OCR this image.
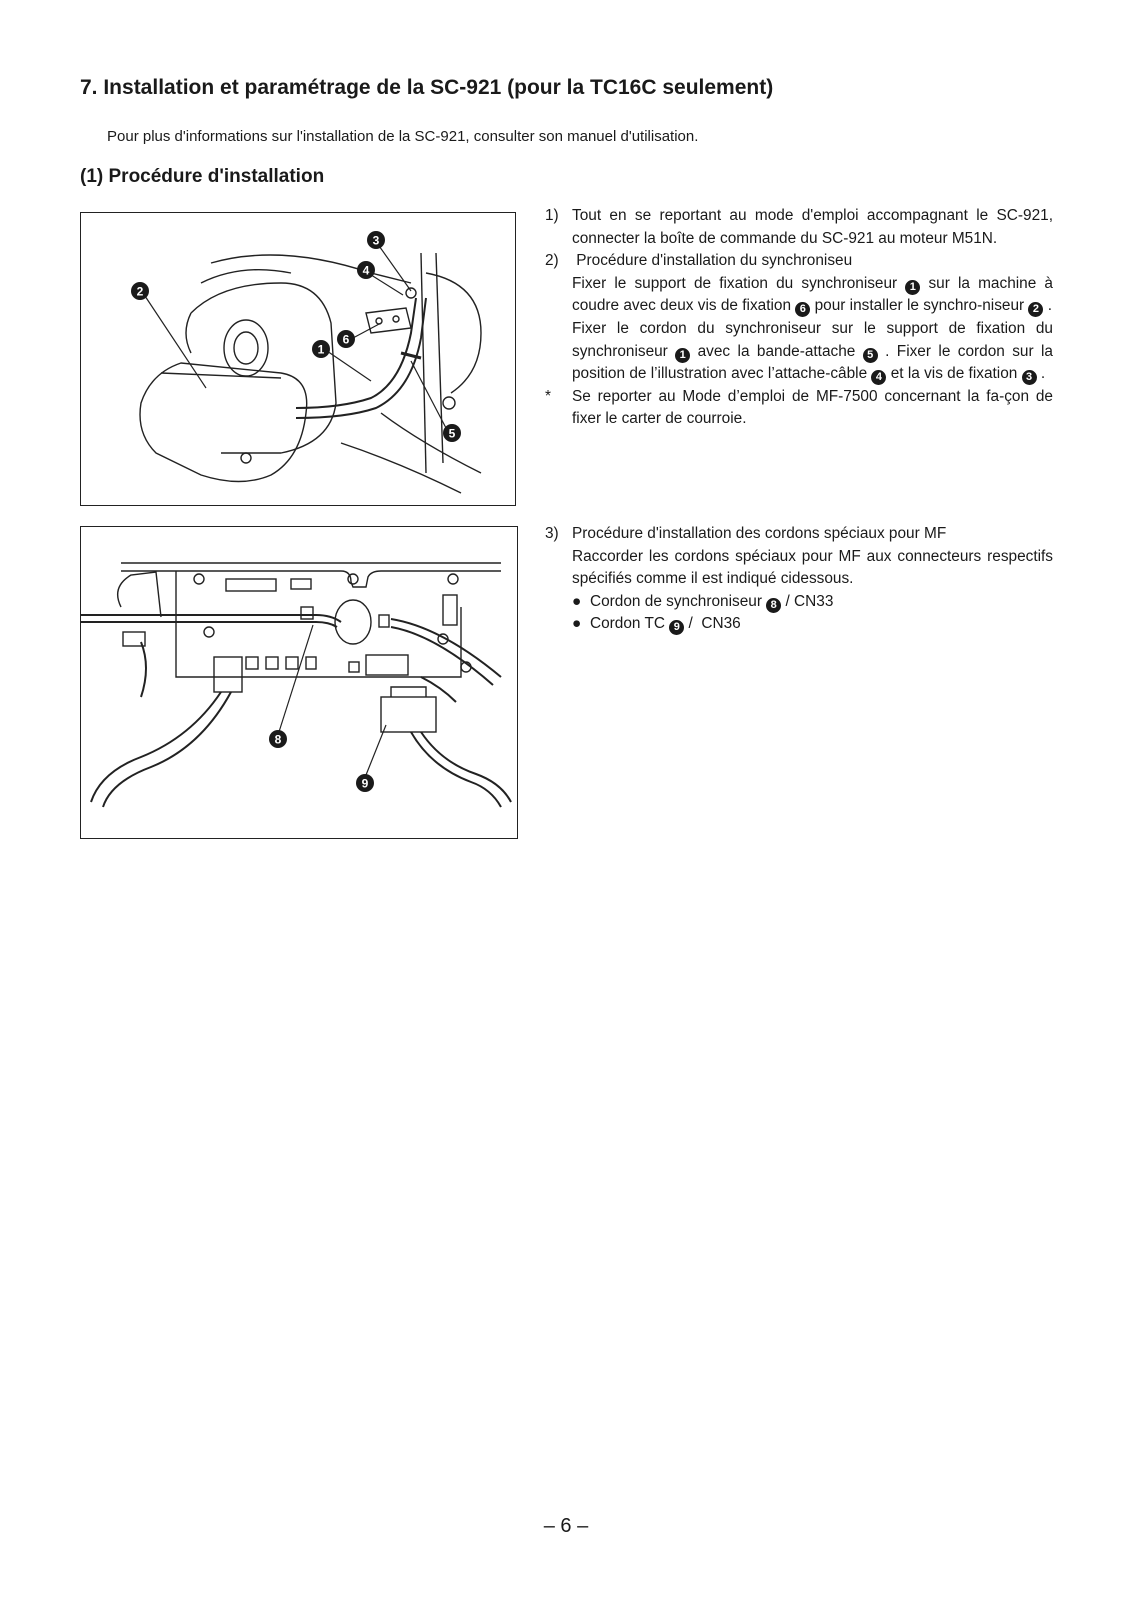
7. Installation et paramétrage de la SC-921 (pour la TC16C seulement)
Pour plus d'informations sur l'installation de la SC-921, consulter son manuel d'utilisation.
(1) Procédure d'installation
1
2
3
4
5
6
8
9
1) Tout en se reportant au mode d'emploi accompagnant le SC-921, connecter la boîte de commande du SC-921 au moteur M51N.
2) Procédure d'installation du synchroniseu
Fixer le support de fixation du synchroniseur 1 sur la machine à coudre avec deux vis de fixation 6 pour installer le synchro-niseur 2 .
Fixer le cordon du synchroniseur sur le support de fixation du synchroniseur 1 avec la bande-attache 5 . Fixer le cordon sur la position de l’illustration avec l’attache-câble 4 et la vis de fixation 3 .
* Se reporter au Mode d’emploi de MF-7500 concernant la fa-çon de fixer le carter de courroie.
3) Procédure d'installation des cordons spéciaux pour MF
Raccorder les cordons spéciaux pour MF aux connecteurs respectifs spécifiés comme il est indiqué cidessous.
● Cordon de synchroniseur 8 / CN33
● Cordon TC 9 /  CN36
– 6 –
